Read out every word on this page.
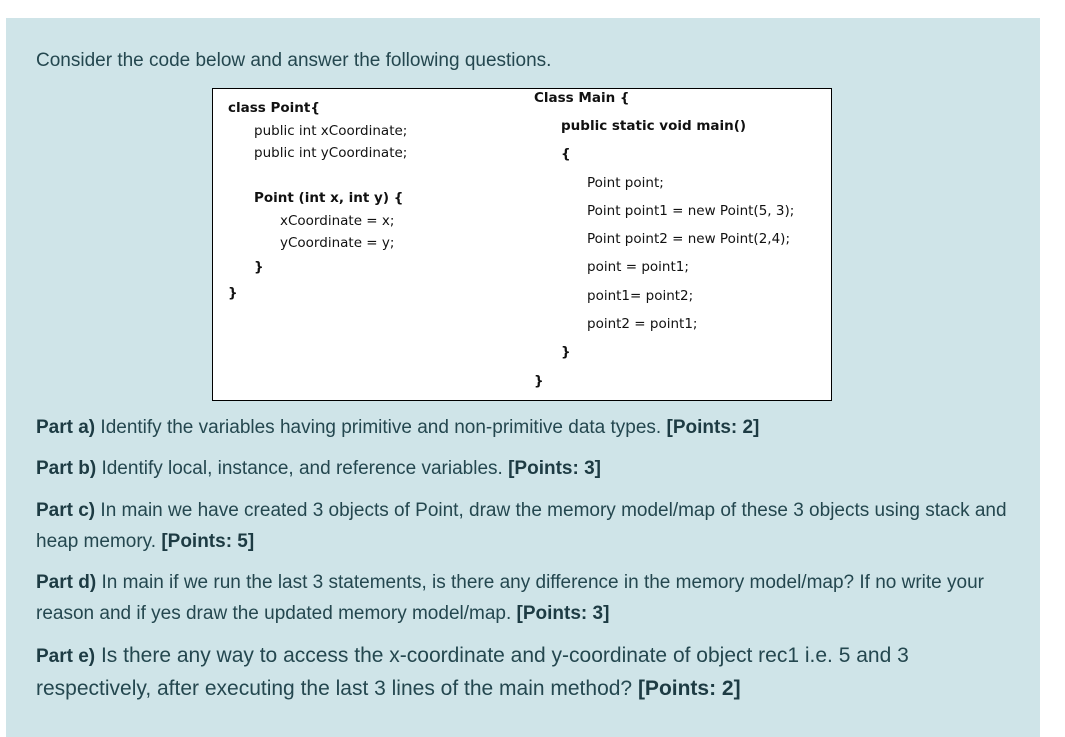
Consider the code below and answer the following questions.

class Point{

public int xCoordinate;

public int yCoordinate;

Point (int x, int y) {

xCoordinate = x;

yCoordinate = y;

}

}

Class Main {

public static void main()

{

Point point;

Point point1 = new Point(5, 3);

Point point2 = new Point(2,4);

point = point1;

point1= point2;

point2 = point1;

}

}

Part a) Identify the variables having primitive and non-primitive data types. [Points: 2]

Part b) Identify local, instance, and reference variables. [Points: 3]

Part c) In main we have created 3 objects of Point, draw the memory model/map of these 3 objects using stack and heap memory. [Points: 5]

Part d) In main if we run the last 3 statements, is there any difference in the memory model/map? If no write your reason and if yes draw the updated memory model/map. [Points: 3]

Part e) Is there any way to access the x-coordinate and y-coordinate of object rec1 i.e. 5 and 3 respectively, after executing the last 3 lines of the main method? [Points: 2]
